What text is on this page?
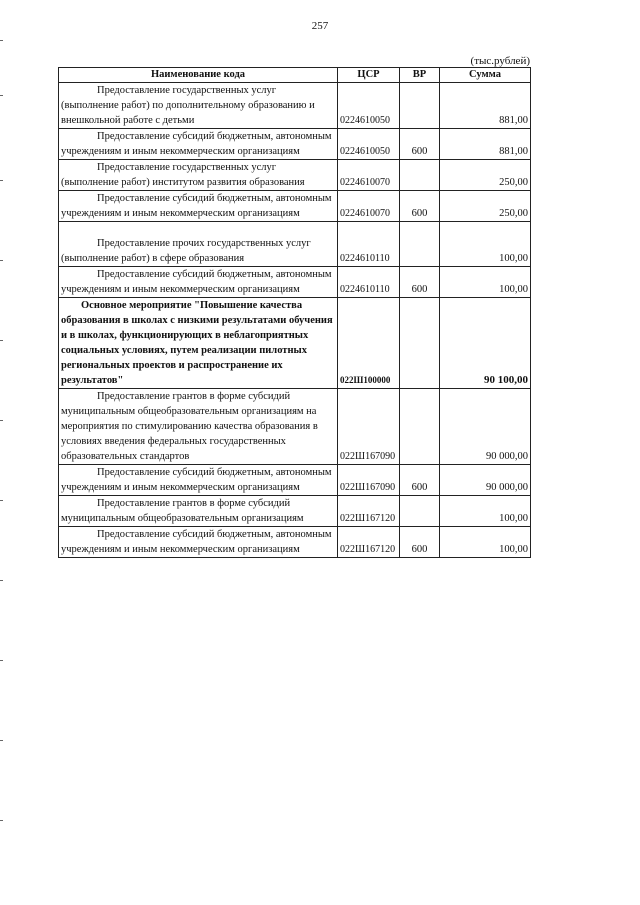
257
(тыс.рублей)
Наименование кода	ЦСР	ВР	Сумма

Предоставление государственных услуг (выполнение работ) по дополнительному образованию и внешкольной работе с детьми	0224610050		881,00

Предоставление субсидий бюджетным, автономным учреждениям и иным некоммерческим организациям	0224610050	600	881,00

Предоставление государственных услуг (выполнение работ) институтом развития образования	0224610070		250,00

Предоставление субсидий бюджетным, автономным учреждениям и иным некоммерческим организациям	0224610070	600	250,00

Предоставление прочих государственных услуг (выполнение работ) в сфере образования	0224610110		100,00

Предоставление субсидий бюджетным, автономным учреждениям и иным некоммерческим организациям	0224610110	600	100,00

Основное мероприятие "Повышение качества образования в школах с низкими результатами обучения и в школах, функционирующих в неблагоприятных социальных условиях, путем реализации пилотных региональных проектов и распространение их результатов"	022Ш100000		90 100,00

Предоставление грантов в форме субсидий муниципальным общеобразовательным организациям на мероприятия по стимулированию качества образования в условиях введения федеральных государственных образовательных стандартов	022Ш167090		90 000,00

Предоставление субсидий бюджетным, автономным учреждениям и иным некоммерческим организациям	022Ш167090	600	90 000,00

Предоставление грантов в форме субсидий муниципальным общеобразовательным организациям	022Ш167120		100,00

Предоставление субсидий бюджетным, автономным учреждениям и иным некоммерческим организациям	022Ш167120	600	100,00
